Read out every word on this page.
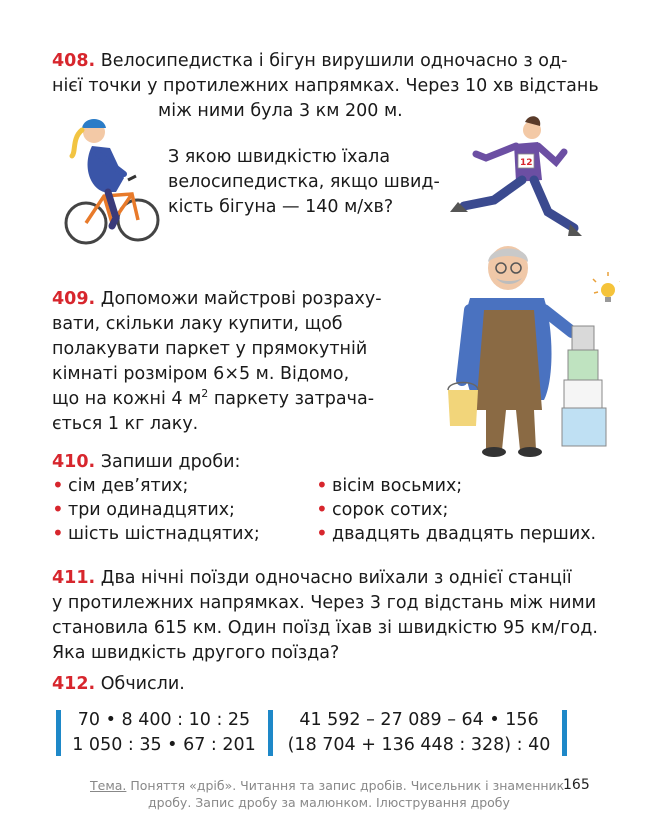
408. Велосипедистка і бігун вирушили одночасно з од-
нієї точки у протилежних напрямках. Через 10 хв відстань
між ними була 3 км 200 м.
З якою швидкістю їхала
велосипедистка, якщо швид-
кість бігуна — 140 м/хв?
12
409. Допоможи майстрові розраху-
вати, скільки лаку купити, щоб
полакувати паркет у прямокутній
кімнаті розміром 6×5 м. Відомо,
що на кожні 4 $м^2$ паркету затрача-
ється 1 кг лаку.
410. Запиши дроби:
• сім дев’ятих;
• три одинадцятих;
• шість шістнадцятих;
• вісім восьмих;
• сорок сотих;
• двадцять двадцять перших.
411. Два нічні поїзди одночасно виїхали з однієї станції
у протилежних напрямках. Через 3 год відстань між ними
становила 615 км. Один поїзд їхав зі швидкістю 95 км/год.
Яка швидкість другого поїзда?
412. Обчисли.
70 • 8 400 : 10 : 25
1 050 : 35 • 67 : 201
41 592 – 27 089 – 64 • 156
(18 704 + 136 448 : 328) : 40
Тема. Поняття «дріб». Читання та запис дробів. Чисельник і знаменник
дробу. Запис дробу за малюнком. Ілюстрування дробу
165
